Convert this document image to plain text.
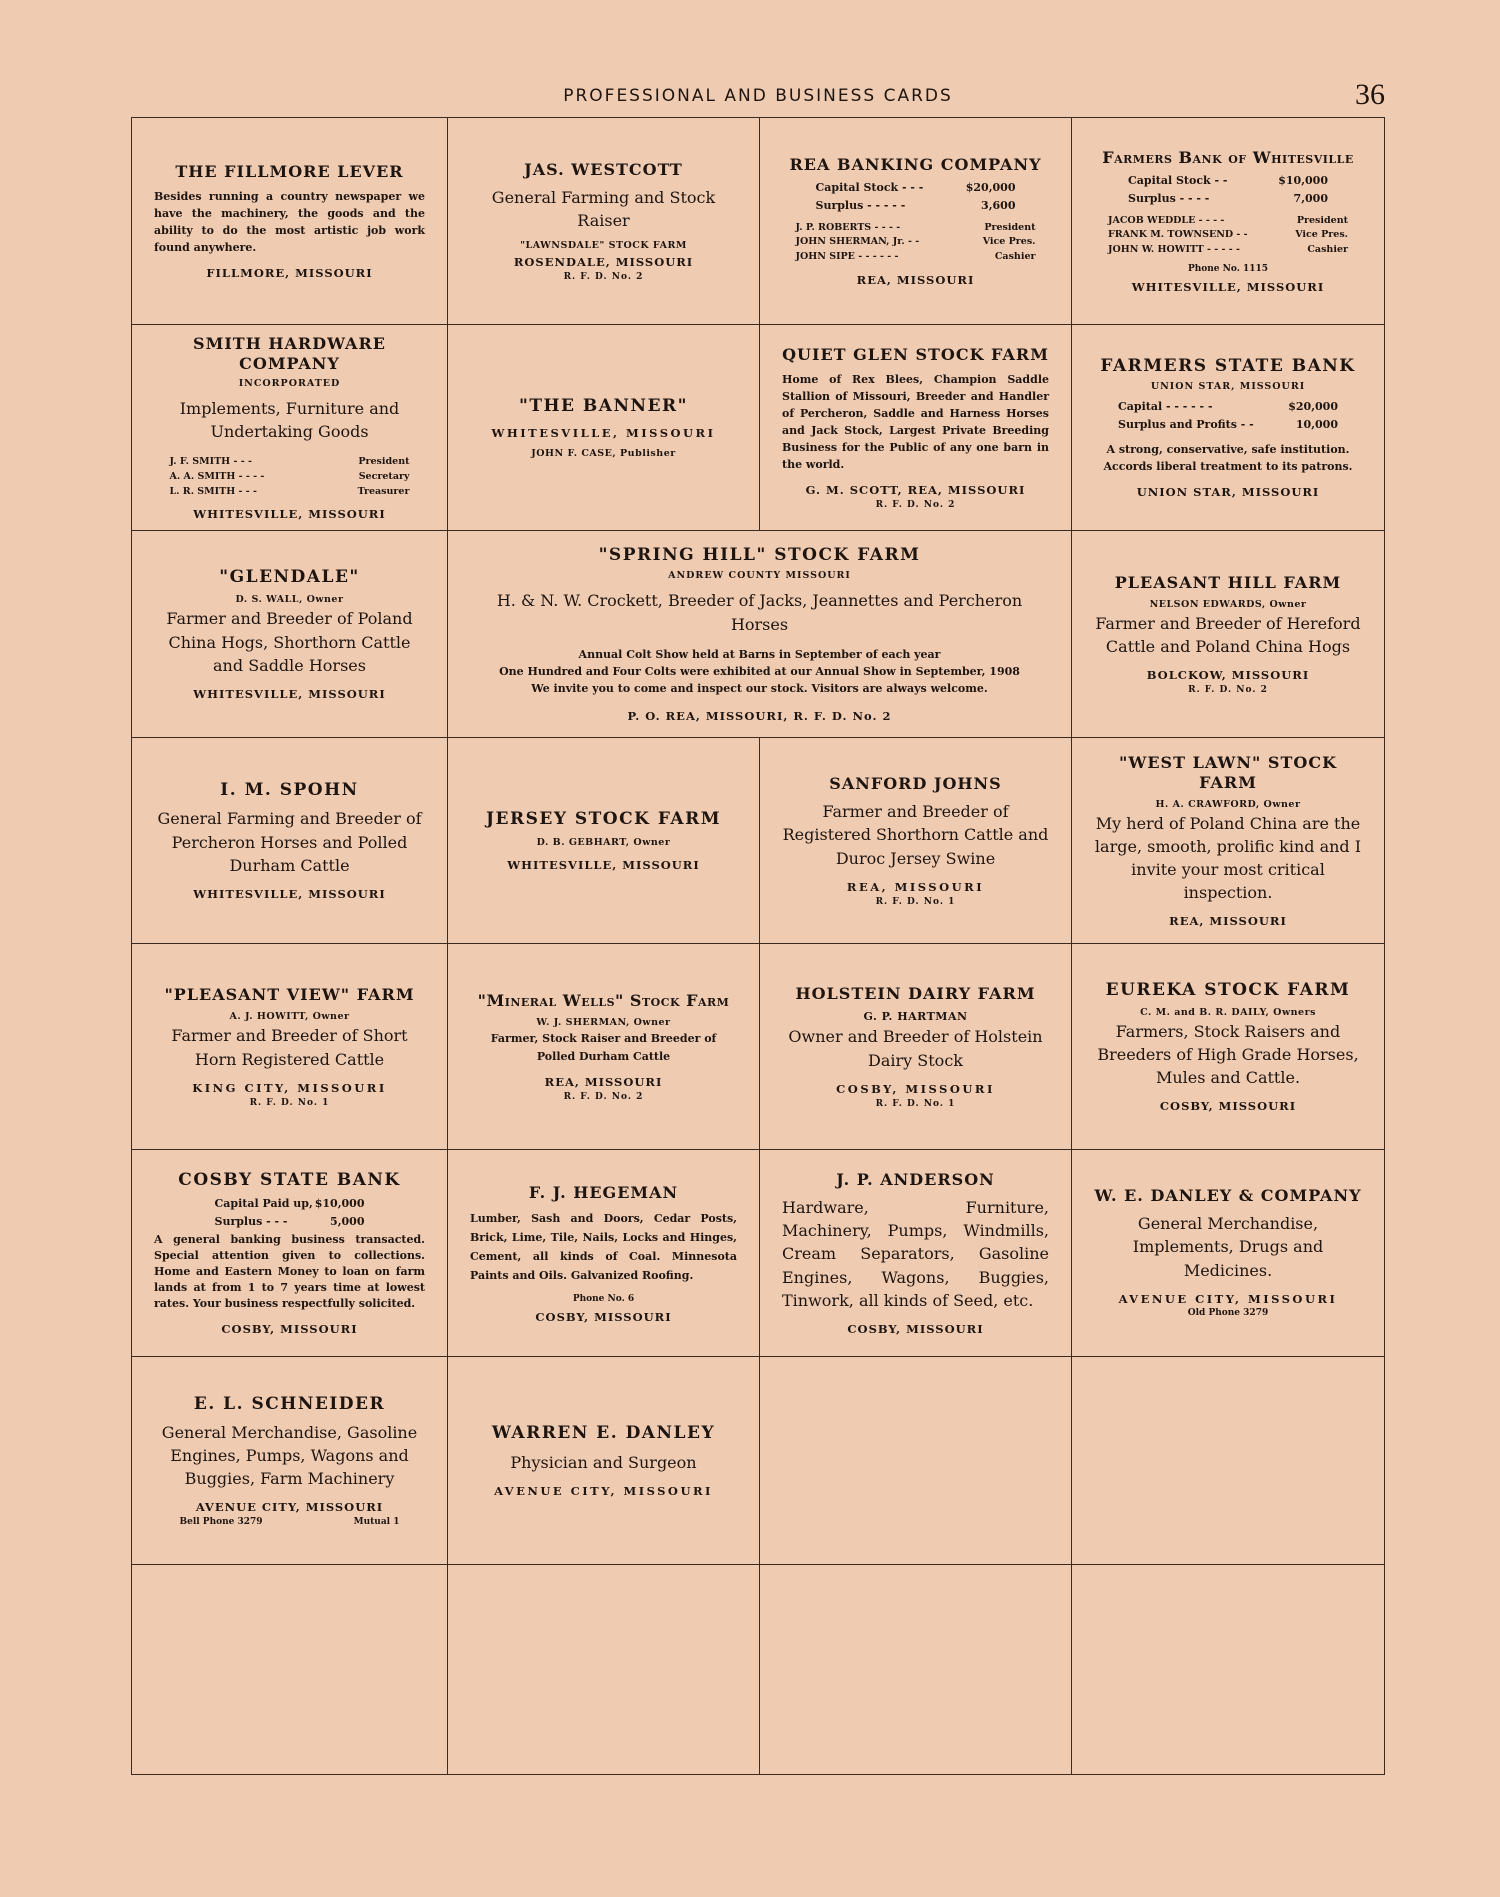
PROFESSIONAL AND BUSINESS CARDS	36
THE FILLMORE LEVER
Besides running a country newspaper we have the machinery, the goods and the ability to do the most artistic job work found anywhere.
FILLMORE, MISSOURI
JAS. WESTCOTT
General Farming and Stock Raiser
"LAWNSDALE" STOCK FARM
ROSENDALE, MISSOURI
R. F. D. No. 2
REA BANKING COMPANY
Capital Stock - - -	$20,000
Surplus - - - - -	3,600
J. P. ROBERTS - - - -	President
JOHN SHERMAN, Jr. - -	Vice Pres.
JOHN SIPE - - - - - -	Cashier
REA, MISSOURI
Farmers Bank of Whitesville
Capital Stock - -	$10,000
Surplus - - - -	7,000
JACOB WEDDLE - - - -	President
FRANK M. TOWNSEND - -	Vice Pres.
JOHN W. HOWITT - - - - -	Cashier
Phone No. 1115
WHITESVILLE, MISSOURI
SMITH HARDWARE COMPANY
INCORPORATED
Implements, Furniture and Undertaking Goods
J. F. SMITH - - -	President
A. A. SMITH - - - -	Secretary
L. R. SMITH - - -	Treasurer
WHITESVILLE, MISSOURI
"THE BANNER"
WHITESVILLE, MISSOURI
JOHN F. CASE, Publisher
QUIET GLEN STOCK FARM
Home of Rex Blees, Champion Saddle Stallion of Missouri, Breeder and Handler of Percheron, Saddle and Harness Horses and Jack Stock, Largest Private Breeding Business for the Public of any one barn in the world.
G. M. SCOTT, REA, MISSOURI
R. F. D. No. 2
FARMERS STATE BANK
UNION STAR, MISSOURI
Capital - - - - - -	$20,000
Surplus and Profits - -	10,000
A strong, conservative, safe institution. Accords liberal treatment to its patrons.
UNION STAR, MISSOURI
"GLENDALE"
D. S. WALL, Owner
Farmer and Breeder of Poland China Hogs, Shorthorn Cattle and Saddle Horses
WHITESVILLE, MISSOURI
"SPRING HILL" STOCK FARM
ANDREW COUNTY MISSOURI
H. & N. W. Crockett, Breeder of Jacks, Jeannettes and Percheron Horses
Annual Colt Show held at Barns in September of each year
One Hundred and Four Colts were exhibited at our Annual Show in September, 1908
We invite you to come and inspect our stock. Visitors are always welcome.
P. O. REA, MISSOURI, R. F. D. No. 2
PLEASANT HILL FARM
NELSON EDWARDS, Owner
Farmer and Breeder of Hereford Cattle and Poland China Hogs
BOLCKOW, MISSOURI
R. F. D. No. 2
I. M. SPOHN
General Farming and Breeder of Percheron Horses and Polled Durham Cattle
WHITESVILLE, MISSOURI
JERSEY STOCK FARM
D. B. GEBHART, Owner
WHITESVILLE, MISSOURI
SANFORD JOHNS
Farmer and Breeder of Registered Shorthorn Cattle and Duroc Jersey Swine
REA, MISSOURI
R. F. D. No. 1
"WEST LAWN" STOCK FARM
H. A. CRAWFORD, Owner
My herd of Poland China are the large, smooth, prolific kind and I invite your most critical inspection.
REA, MISSOURI
"PLEASANT VIEW" FARM
A. J. HOWITT, Owner
Farmer and Breeder of Short Horn Registered Cattle
KING CITY, MISSOURI
R. F. D. No. 1
"Mineral Wells" Stock Farm
W. J. SHERMAN, Owner
Farmer, Stock Raiser and Breeder of Polled Durham Cattle
REA, MISSOURI
R. F. D. No. 2
HOLSTEIN DAIRY FARM
G. P. HARTMAN
Owner and Breeder of Holstein Dairy Stock
COSBY, MISSOURI
R. F. D. No. 1
EUREKA STOCK FARM
C. M. and B. R. DAILY, Owners
Farmers, Stock Raisers and Breeders of High Grade Horses, Mules and Cattle.
COSBY, MISSOURI
COSBY STATE BANK
Capital Paid up, $10,000
Surplus - - -	5,000
A general banking business transacted. Special attention given to collections. Home and Eastern Money to loan on farm lands at from 1 to 7 years time at lowest rates. Your business respectfully solicited.
COSBY, MISSOURI
F. J. HEGEMAN
Lumber, Sash and Doors, Cedar Posts, Brick, Lime, Tile, Nails, Locks and Hinges, Cement, all kinds of Coal. Minnesota Paints and Oils. Galvanized Roofing.
Phone No. 6
COSBY, MISSOURI
J. P. ANDERSON
Hardware, Furniture, Machinery, Pumps, Windmills, Cream Separators, Gasoline Engines, Wagons, Buggies, Tinwork, all kinds of Seed, etc.
COSBY, MISSOURI
W. E. DANLEY & COMPANY
General Merchandise, Implements, Drugs and Medicines.
AVENUE CITY, MISSOURI
Old Phone 3279
E. L. SCHNEIDER
General Merchandise, Gasoline Engines, Pumps, Wagons and Buggies, Farm Machinery
AVENUE CITY, MISSOURI
Bell Phone 3279	Mutual 1
WARREN E. DANLEY
Physician and Surgeon
AVENUE CITY, MISSOURI
